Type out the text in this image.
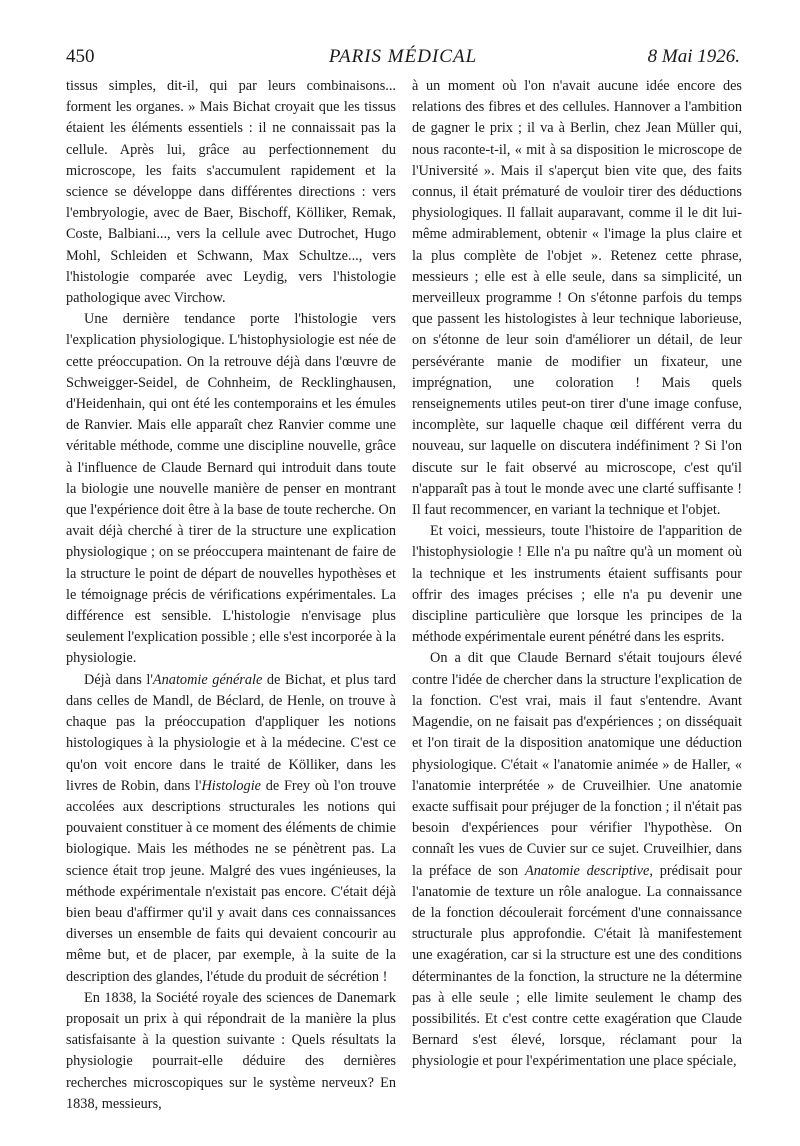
450	PARIS MÉDICAL	8 Mai 1926.

tissus simples, dit-il, qui par leurs combinaisons... forment les organes. » Mais Bichat croyait que les tissus étaient les éléments essentiels : il ne connaissait pas la cellule. Après lui, grâce au perfectionnement du microscope, les faits s'accumulent rapidement et la science se développe dans différentes directions : vers l'embryologie, avec de Baer, Bischoff, Kölliker, Remak, Coste, Balbiani..., vers la cellule avec Dutrochet, Hugo Mohl, Schleiden et Schwann, Max Schultze..., vers l'histologie comparée avec Leydig, vers l'histologie pathologique avec Virchow.

Une dernière tendance porte l'histologie vers l'explication physiologique. L'histophysiologie est née de cette préoccupation. On la retrouve déjà dans l'œuvre de Schweigger-Seidel, de Cohnheim, de Recklinghausen, d'Heidenhain, qui ont été les contemporains et les émules de Ranvier. Mais elle apparaît chez Ranvier comme une véritable méthode, comme une discipline nouvelle, grâce à l'influence de Claude Bernard qui introduit dans toute la biologie une nouvelle manière de penser en montrant que l'expérience doit être à la base de toute recherche. On avait déjà cherché à tirer de la structure une explication physiologique ; on se préoccupera maintenant de faire de la structure le point de départ de nouvelles hypothèses et le témoignage précis de vérifications expérimentales. La différence est sensible. L'histologie n'envisage plus seulement l'explication possible ; elle s'est incorporée à la physiologie.

Déjà dans l'Anatomie générale de Bichat, et plus tard dans celles de Mandl, de Béclard, de Henle, on trouve à chaque pas la préoccupation d'appliquer les notions histologiques à la physiologie et à la médecine. C'est ce qu'on voit encore dans le traité de Kölliker, dans les livres de Robin, dans l'Histologie de Frey où l'on trouve accolées aux descriptions structurales les notions qui pouvaient constituer à ce moment des éléments de chimie biologique. Mais les méthodes ne se pénètrent pas. La science était trop jeune. Malgré des vues ingénieuses, la méthode expérimentale n'existait pas encore. C'était déjà bien beau d'affirmer qu'il y avait dans ces connaissances diverses un ensemble de faits qui devaient concourir au même but, et de placer, par exemple, à la suite de la description des glandes, l'étude du produit de sécrétion !

En 1838, la Société royale des sciences de Danemark proposait un prix à qui répondrait de la manière la plus satisfaisante à la question suivante : Quels résultats la physiologie pourrait-elle déduire des dernières recherches microscopiques sur le système nerveux? En 1838, messieurs,

à un moment où l'on n'avait aucune idée encore des relations des fibres et des cellules. Hannover a l'ambition de gagner le prix ; il va à Berlin, chez Jean Müller qui, nous raconte-t-il, « mit à sa disposition le microscope de l'Université ». Mais il s'aperçut bien vite que, des faits connus, il était prématuré de vouloir tirer des déductions physiologiques. Il fallait auparavant, comme il le dit lui-même admirablement, obtenir « l'image la plus claire et la plus complète de l'objet ». Retenez cette phrase, messieurs ; elle est à elle seule, dans sa simplicité, un merveilleux programme ! On s'étonne parfois du temps que passent les histologistes à leur technique laborieuse, on s'étonne de leur soin d'améliorer un détail, de leur persévérante manie de modifier un fixateur, une imprégnation, une coloration ! Mais quels renseignements utiles peut-on tirer d'une image confuse, incomplète, sur laquelle chaque œil différent verra du nouveau, sur laquelle on discutera indéfiniment ? Si l'on discute sur le fait observé au microscope, c'est qu'il n'apparaît pas à tout le monde avec une clarté suffisante ! Il faut recommencer, en variant la technique et l'objet.

Et voici, messieurs, toute l'histoire de l'apparition de l'histophysiologie ! Elle n'a pu naître qu'à un moment où la technique et les instruments étaient suffisants pour offrir des images précises ; elle n'a pu devenir une discipline particulière que lorsque les principes de la méthode expérimentale eurent pénétré dans les esprits.

On a dit que Claude Bernard s'était toujours élevé contre l'idée de chercher dans la structure l'explication de la fonction. C'est vrai, mais il faut s'entendre. Avant Magendie, on ne faisait pas d'expériences ; on disséquait et l'on tirait de la disposition anatomique une déduction physiologique. C'était « l'anatomie animée » de Haller, « l'anatomie interprétée » de Cruveilhier. Une anatomie exacte suffisait pour préjuger de la fonction ; il n'était pas besoin d'expériences pour vérifier l'hypothèse. On connaît les vues de Cuvier sur ce sujet. Cruveilhier, dans la préface de son Anatomie descriptive, prédisait pour l'anatomie de texture un rôle analogue. La connaissance de la fonction découlerait forcément d'une connaissance structurale plus approfondie. C'était là manifestement une exagération, car si la structure est une des conditions déterminantes de la fonction, la structure ne la détermine pas à elle seule ; elle limite seulement le champ des possibilités. Et c'est contre cette exagération que Claude Bernard s'est élevé, lorsque, réclamant pour la physiologie et pour l'expérimentation une place spéciale,
